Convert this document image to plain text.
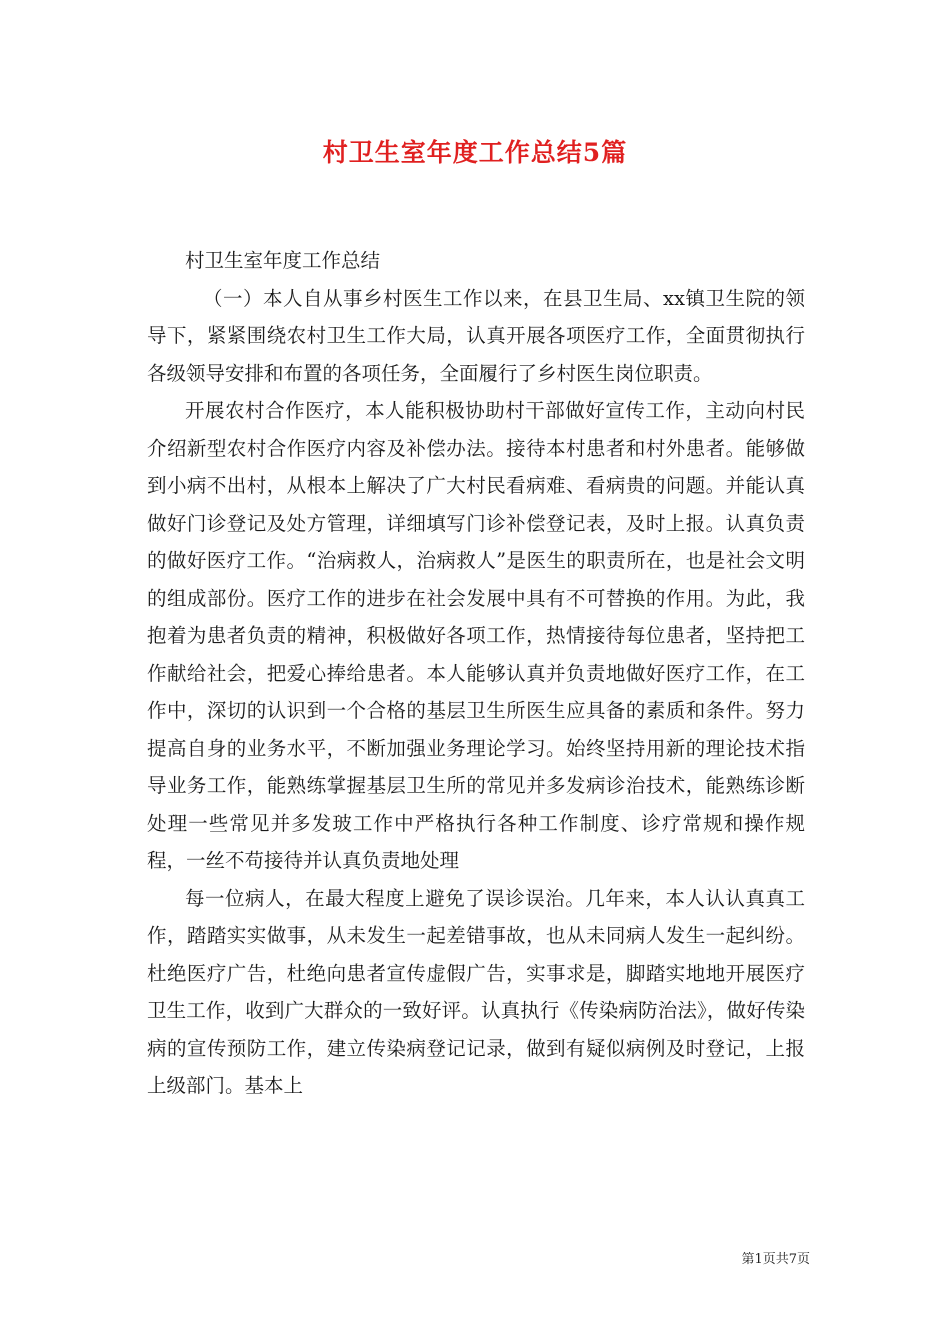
村卫生室年度工作总结5篇

村卫生室年度工作总结

（一）本人自从事乡村医生工作以来，在县卫生局、xx镇卫生院的领导下，紧紧围绕农村卫生工作大局，认真开展各项医疗工作，全面贯彻执行各级领导安排和布置的各项任务，全面履行了乡村医生岗位职责。

开展农村合作医疗，本人能积极协助村干部做好宣传工作，主动向村民介绍新型农村合作医疗内容及补偿办法。接待本村患者和村外患者。能够做到小病不出村，从根本上解决了广大村民看病难、看病贵的问题。并能认真做好门诊登记及处方管理，详细填写门诊补偿登记表，及时上报。认真负责的做好医疗工作。“治病救人，治病救人”是医生的职责所在，也是社会文明的组成部份。医疗工作的进步在社会发展中具有不可替换的作用。为此，我抱着为患者负责的精神，积极做好各项工作，热情接待每位患者，坚持把工作献给社会，把爱心捧给患者。本人能够认真并负责地做好医疗工作，在工作中，深切的认识到一个合格的基层卫生所医生应具备的素质和条件。努力提高自身的业务水平，不断加强业务理论学习。始终坚持用新的理论技术指导业务工作，能熟练掌握基层卫生所的常见并多发病诊治技术，能熟练诊断处理一些常见并多发玻工作中严格执行各种工作制度、诊疗常规和操作规程，一丝不苟接待并认真负责地处理

每一位病人，在最大程度上避免了误诊误治。几年来，本人认认真真工作，踏踏实实做事，从未发生一起差错事故，也从未同病人发生一起纠纷。杜绝医疗广告，杜绝向患者宣传虚假广告，实事求是，脚踏实地地开展医疗卫生工作，收到广大群众的一致好评。认真执行《传染病防治法》，做好传染病的宣传预防工作，建立传染病登记记录，做到有疑似病例及时登记，上报上级部门。基本上

第1页共7页
